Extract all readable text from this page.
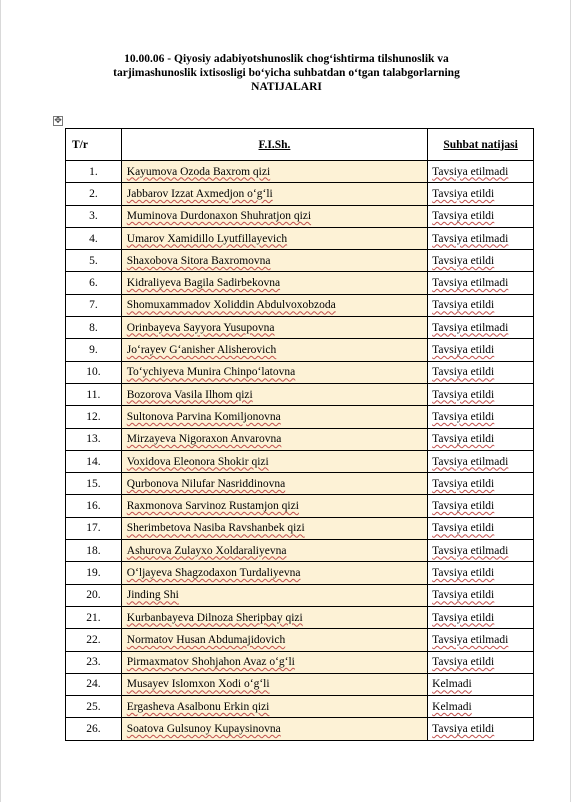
10.00.06 - Qiyosiy adabiyotshunoslik chog‘ishtirma tilshunoslik va
tarjimashunoslik ixtisosligi bo‘yicha suhbatdan o‘tgan talabgorlarning
NATIJALARI
✥
T/r	F.I.Sh.	Suhbat natijasi
1.	Kayumova Ozoda Baxrom qizi	Tavsiya etilmadi
2.	Jabbarov Izzat Axmedjon o‘g‘li	Tavsiya etildi
3.	Muminova Durdonaxon Shuhratjon qizi	Tavsiya etildi
4.	Umarov Xamidillo Lyutfillayevich	Tavsiya etilmadi
5.	Shaxobova Sitora Baxromovna	Tavsiya etildi
6.	Kidraliyeva Bagila Sadirbekovna	Tavsiya etilmadi
7.	Shomuxammadov Xoliddin Abdulvoxobzoda	Tavsiya etildi
8.	Orinbayeva Sayyora Yusupovna	Tavsiya etilmadi
9.	Jo‘rayev G‘anisher Alisherovich	Tavsiya etildi
10.	To‘ychiyeva Munira Chinpo‘latovna	Tavsiya etildi
11.	Bozorova Vasila Ilhom qizi	Tavsiya etildi
12.	Sultonova Parvina Komiljonovna	Tavsiya etildi
13.	Mirzayeva Nigoraxon Anvarovna	Tavsiya etildi
14.	Voxidova Eleonora Shokir qizi	Tavsiya etilmadi
15.	Qurbonova Nilufar Nasriddinovna	Tavsiya etildi
16.	Raxmonova Sarvinoz Rustamjon qizi	Tavsiya etildi
17.	Sherimbetova Nasiba Ravshanbek qizi	Tavsiya etildi
18.	Ashurova Zulayxo Xoldaraliyevna	Tavsiya etilmadi
19.	O‘ljayeva Shagzodaxon Turdaliyevna	Tavsiya etildi
20.	Jinding Shi	Tavsiya etildi
21.	Kurbanbayeva Dilnoza Sheripbay qizi	Tavsiya etildi
22.	Normatov Husan Abdumajidovich	Tavsiya etilmadi
23.	Pirmaxmatov Shohjahon Avaz o‘g‘li	Tavsiya etildi
24.	Musayev Islomxon Xodi o‘g‘li	Kelmadi
25.	Ergasheva Asalbonu Erkin qizi	Kelmadi
26.	Soatova Gulsunoy Kupaysinovna	Tavsiya etildi
